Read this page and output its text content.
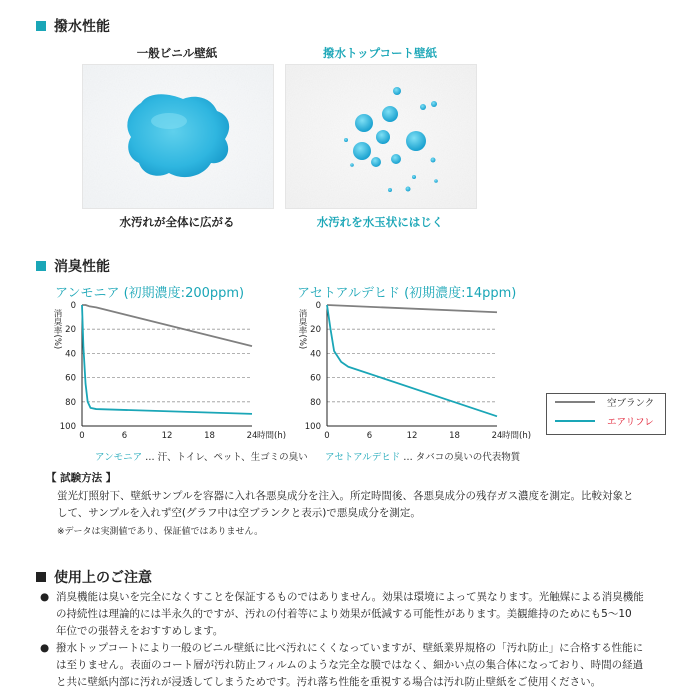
撥水性能
一般ビニル壁紙	撥水トップコート壁紙
水汚れが全体に広がる	水汚れを水玉状にはじく
消臭性能
アンモニア (初期濃度:200ppm)	アセトアルデヒド (初期濃度:14ppm)
消臭率(%)
0
20
40
60
80
100
0	6	12	18	24 時間(h)
消臭率(%)
0
20
40
60
80
100
0	6	12	18	24 時間(h)
空ブランク
エアリフレ
アンモニア … 汗、トイレ、ペット、生ゴミの臭い アセトアルデヒド … タバコの臭いの代表物質
【 試験方法 】
蛍光灯照射下、壁紙サンプルを容器に入れ各悪臭成分を注入。所定時間後、各悪臭成分の残存ガス濃度を測定。比較対象と
して、サンプルを入れず空(グラフ中は空ブランクと表示)で悪臭成分を測定。
※データは実測値であり、保証値ではありません。
使用上のご注意
● 消臭機能は臭いを完全になくすことを保証するものではありません。効果は環境によって異なります。光触媒による消臭機能
の持続性は理論的には半永久的ですが、汚れの付着等により効果が低減する可能性があります。美観維持のためにも5～10
年位での張替えをおすすめします。
● 撥水トップコートにより一般のビニル壁紙に比べ汚れにくくなっていますが、壁紙業界規格の「汚れ防止」に合格する性能に
は至りません。表面のコート層が汚れ防止フィルムのような完全な膜ではなく、細かい点の集合体になっており、時間の経過
と共に壁紙内部に汚れが浸透してしまうためです。汚れ落ち性能を重視する場合は汚れ防止壁紙をご使用ください。
